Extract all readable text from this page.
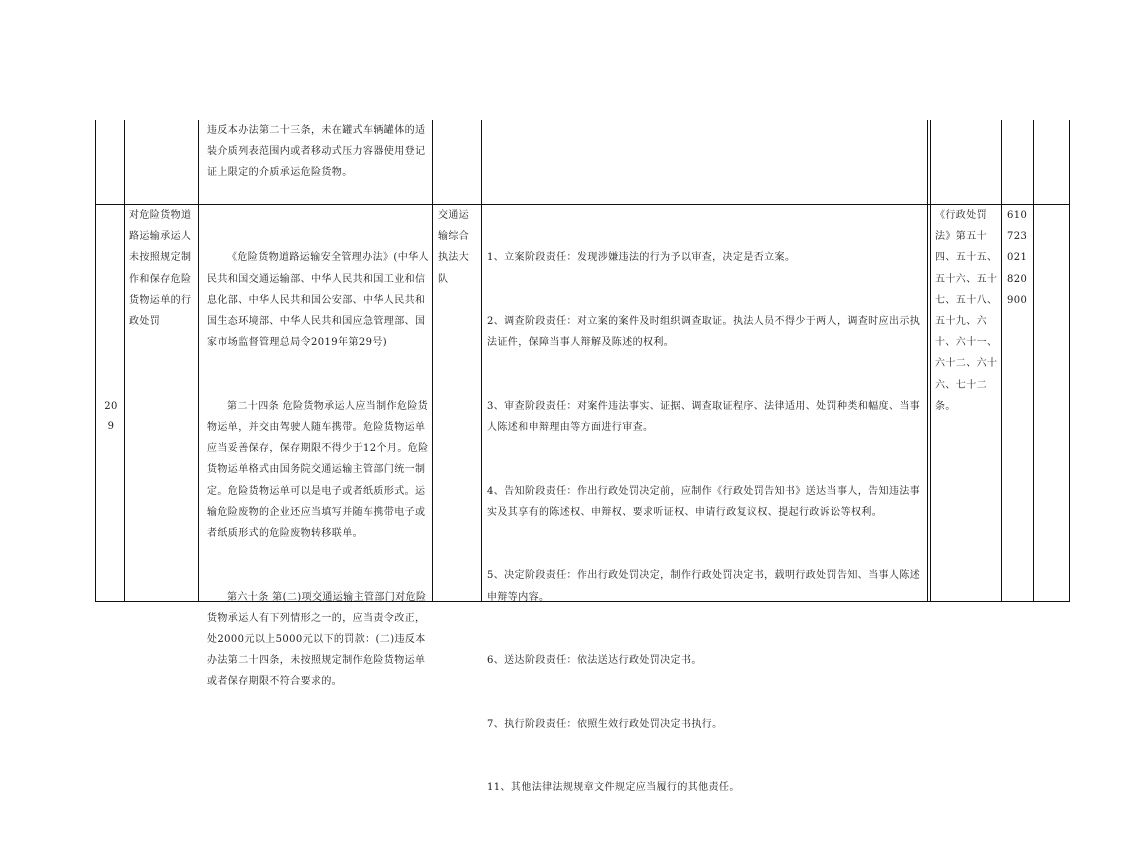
违反本办法第二十三条，未在罐式车辆罐体的适装介质列表范围内或者移动式压力容器使用登记证上限定的介质承运危险货物。
20
9
对危险货物道路运输承运人未按照规定制作和保存危险货物运单的行政处罚

《危险货物道路运输安全管理办法》(中华人民共和国交通运输部、中华人民共和国工业和信息化部、中华人民共和国公安部、中华人民共和国生态环境部、中华人民共和国应急管理部、国家市场监督管理总局令2019年第29号)

第二十四条 危险货物承运人应当制作危险货物运单，并交由驾驶人随车携带。危险货物运单应当妥善保存，保存期限不得少于12个月。危险货物运单格式由国务院交通运输主管部门统一制定。危险货物运单可以是电子或者纸质形式。运输危险废物的企业还应当填写并随车携带电子或者纸质形式的危险废物转移联单。

第六十条 第(二)项交通运输主管部门对危险货物承运人有下列情形之一的，应当责令改正，处2000元以上5000元以下的罚款：(二)违反本办法第二十四条，未按照规定制作危险货物运单或者保存期限不符合要求的。

交通运输综合执法大队

1、立案阶段责任：发现涉嫌违法的行为予以审查，决定是否立案。

2、调查阶段责任：对立案的案件及时组织调查取证。执法人员不得少于两人，调查时应出示执法证件，保障当事人辩解及陈述的权利。

3、审查阶段责任：对案件违法事实、证据、调查取证程序、法律适用、处罚种类和幅度、当事人陈述和申辩理由等方面进行审查。

4、告知阶段责任：作出行政处罚决定前，应制作《行政处罚告知书》送达当事人，告知违法事实及其享有的陈述权、申辩权、要求听证权、申请行政复议权、提起行政诉讼等权利。

5、决定阶段责任：作出行政处罚决定，制作行政处罚决定书，载明行政处罚告知、当事人陈述申辩等内容。

6、送达阶段责任：依法送达行政处罚决定书。

7、执行阶段责任：依照生效行政处罚决定书执行。

11、其他法律法规规章文件规定应当履行的其他责任。

《行政处罚法》第五十四、五十五、五十六、五十七、五十八、五十九、六十、六十一、六十二、六十六、七十二条。
610723021820900
